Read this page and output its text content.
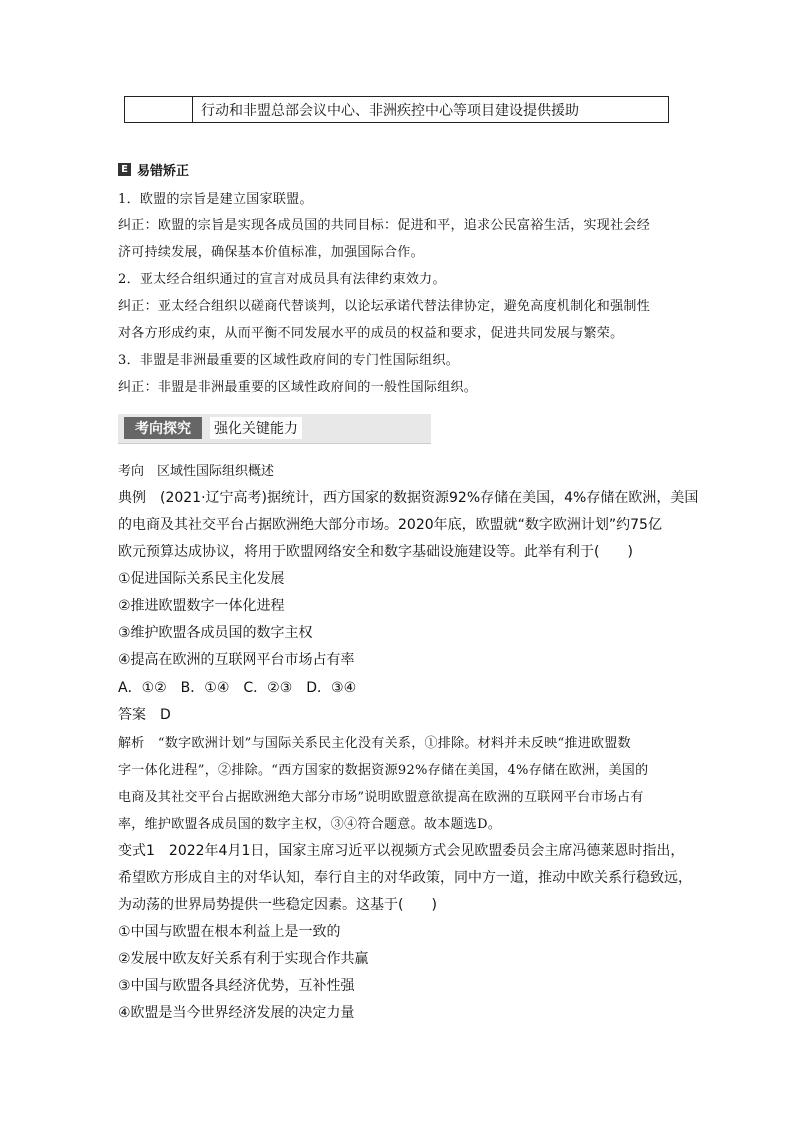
行动和非盟总部会议中心、非洲疾控中心等项目建设提供援助
E 易错矫正
1．欧盟的宗旨是建立国家联盟。
纠正：欧盟的宗旨是实现各成员国的共同目标：促进和平，追求公民富裕生活，实现社会经
济可持续发展，确保基本价值标准，加强国际合作。
2．亚太经合组织通过的宣言对成员具有法律约束效力。
纠正：亚太经合组织以磋商代替谈判，以论坛承诺代替法律协定，避免高度机制化和强制性
对各方形成约束，从而平衡不同发展水平的成员的权益和要求，促进共同发展与繁荣。
3．非盟是非洲最重要的区域性政府间的专门性国际组织。
纠正：非盟是非洲最重要的区域性政府间的一般性国际组织。
考向探究	强化关键能力
考向　区域性国际组织概述
典例　(2021·辽宁高考)据统计，西方国家的数据资源92%存储在美国，4%存储在欧洲，美国
的电商及其社交平台占据欧洲绝大部分市场。2020年底，欧盟就“数字欧洲计划”约75亿
欧元预算达成协议，将用于欧盟网络安全和数字基础设施建设等。此举有利于(　　)
①促进国际关系民主化发展
②推进欧盟数字一体化进程
③维护欧盟各成员国的数字主权
④提高在欧洲的互联网平台市场占有率
A．①②　B．①④　C．②③　D．③④
答案　D
解析　“数字欧洲计划”与国际关系民主化没有关系，①排除。材料并未反映“推进欧盟数
字一体化进程”，②排除。“西方国家的数据资源92%存储在美国，4%存储在欧洲，美国的
电商及其社交平台占据欧洲绝大部分市场”说明欧盟意欲提高在欧洲的互联网平台市场占有
率，维护欧盟各成员国的数字主权，③④符合题意。故本题选D。
变式1　2022年4月1日，国家主席习近平以视频方式会见欧盟委员会主席冯德莱恩时指出，
希望欧方形成自主的对华认知，奉行自主的对华政策，同中方一道，推动中欧关系行稳致远，
为动荡的世界局势提供一些稳定因素。这基于(　　)
①中国与欧盟在根本利益上是一致的
②发展中欧友好关系有利于实现合作共赢
③中国与欧盟各具经济优势，互补性强
④欧盟是当今世界经济发展的决定力量
